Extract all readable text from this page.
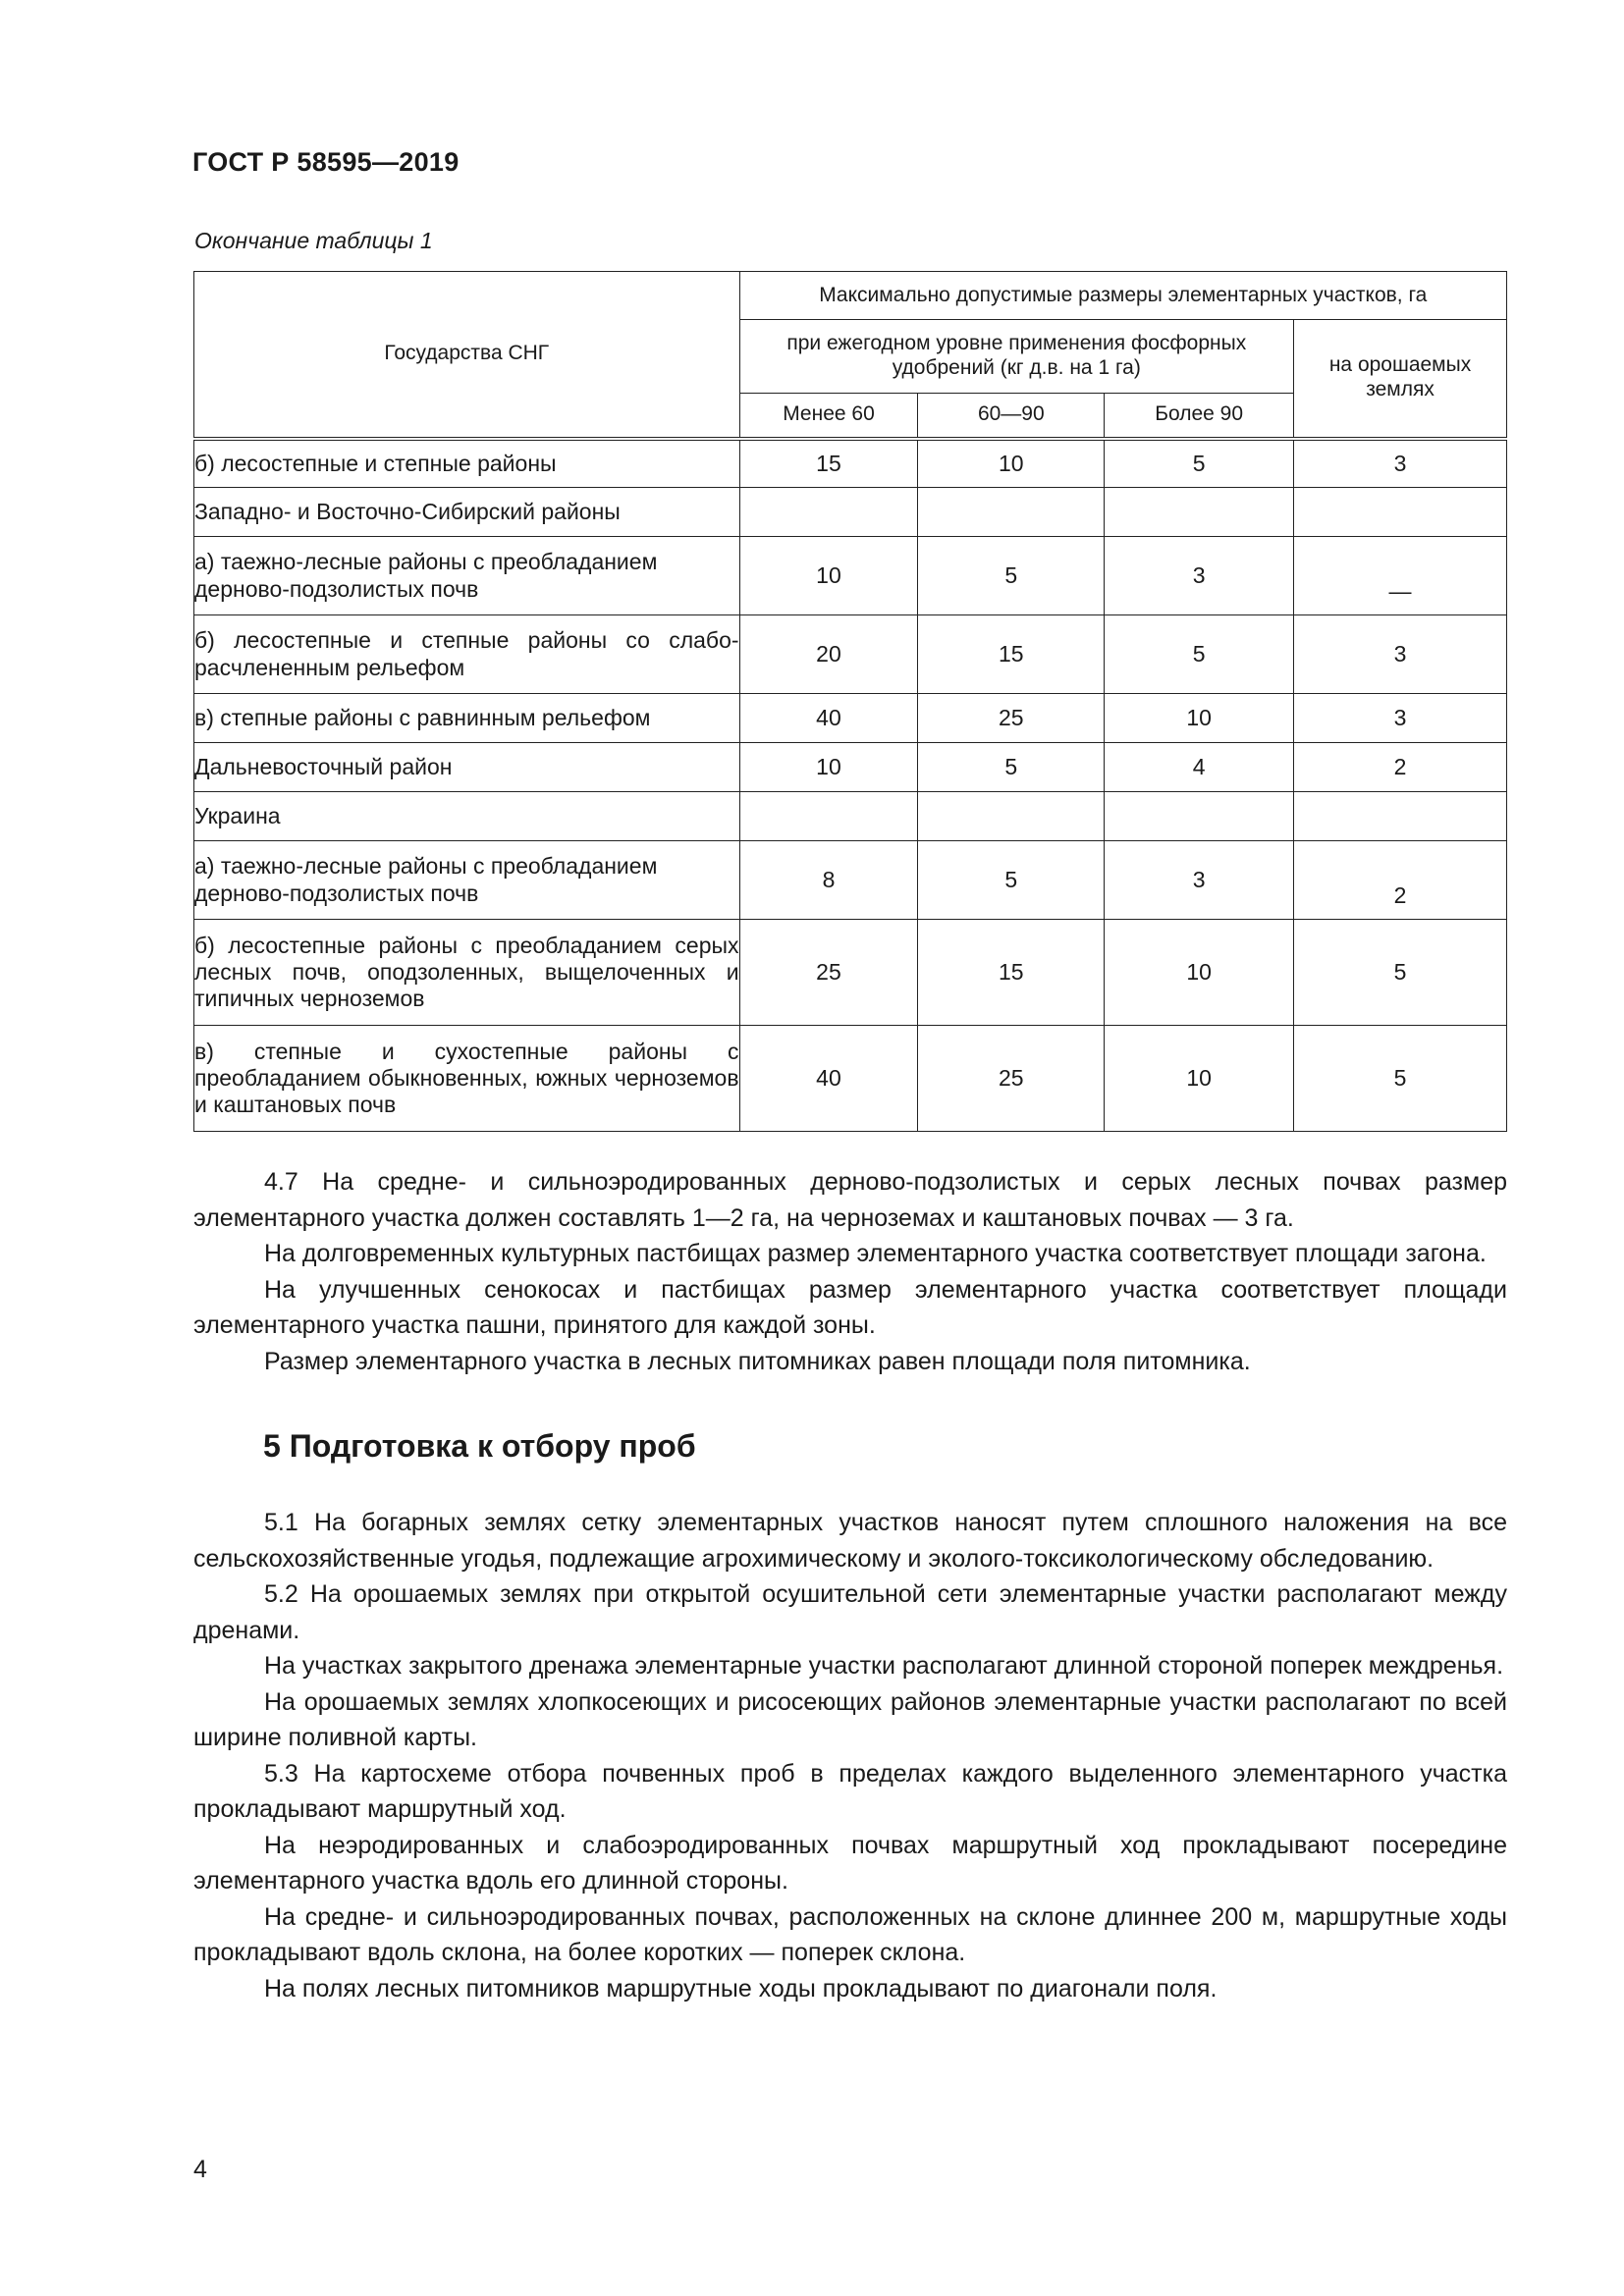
ГОСТ Р 58595—2019
Окончание таблицы 1
Государства СНГ	Максимально допустимые размеры элементарных участков, га			
	при ежегодном уровне применения фосфорных удобрений (кг д.в. на 1 га)			на орошаемых землях
	Менее 60	60—90	Более 90	
б) лесостепные и степные районы	15	10	5	3
Западно- и Восточно-Сибирский районы				
а) таежно-лесные районы с преобладанием дерново-подзолистых почв	10	5	3	—
б) лесостепные и степные районы со слабо-расчлененным рельефом	20	15	5	3
в) степные районы с равнинным рельефом	40	25	10	3
Дальневосточный район	10	5	4	2
Украина				
а) таежно-лесные районы с преобладанием дерново-подзолистых почв	8	5	3	2
б) лесостепные районы с преобладанием серых лесных почв, оподзоленных, выщелоченных и типичных черноземов	25	15	10	5
в) степные и сухостепные районы с преобладанием обыкновенных, южных черноземов и каштановых почв	40	25	10	5

4.7 На средне- и сильноэродированных дерново-подзолистых и серых лесных почвах размер элементарного участка должен составлять 1—2 га, на черноземах и каштановых почвах — 3 га.

На долговременных культурных пастбищах размер элементарного участка соответствует площади загона.

На улучшенных сенокосах и пастбищах размер элементарного участка соответствует площади элементарного участка пашни, принятого для каждой зоны.

Размер элементарного участка в лесных питомниках равен площади поля питомника.

5 Подготовка к отбору проб

5.1 На богарных землях сетку элементарных участков наносят путем сплошного наложения на все сельскохозяйственные угодья, подлежащие агрохимическому и эколого-токсикологическому обследованию.

5.2 На орошаемых землях при открытой осушительной сети элементарные участки располагают между дренами.

На участках закрытого дренажа элементарные участки располагают длинной стороной поперек междренья.

На орошаемых землях хлопкосеющих и рисосеющих районов элементарные участки располагают по всей ширине поливной карты.

5.3 На картосхеме отбора почвенных проб в пределах каждого выделенного элементарного участка прокладывают маршрутный ход.

На неэродированных и слабоэродированных почвах маршрутный ход прокладывают посередине элементарного участка вдоль его длинной стороны.

На средне- и сильноэродированных почвах, расположенных на склоне длиннее 200 м, маршрутные ходы прокладывают вдоль склона, на более коротких — поперек склона.

На полях лесных питомников маршрутные ходы прокладывают по диагонали поля.

4
